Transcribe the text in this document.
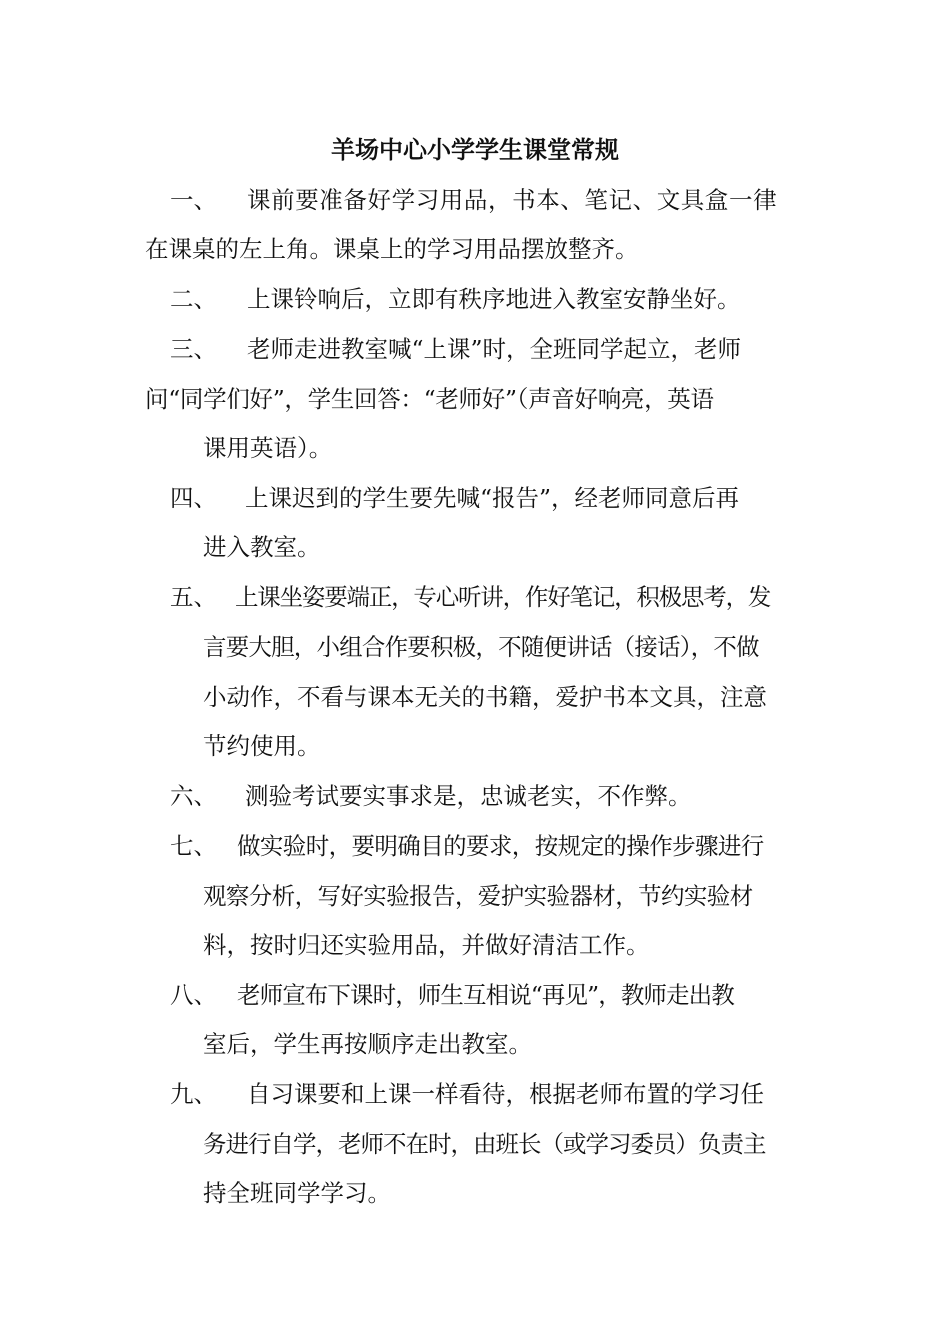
羊场中心小学学生课堂常规
一、 课前要准备好学习用品，书本、笔记、文具盒一律
在课桌的左上角。课桌上的学习用品摆放整齐。
二、 上课铃响后，立即有秩序地进入教室安静坐好。
三、 老师走进教室喊“上课”时，全班同学起立，老师
问“同学们好”，学生回答：“老师好”（声音好响亮，英语
课用英语）。
四、 上课迟到的学生要先喊“报告”，经老师同意后再
进入教室。
五、 上课坐姿要端正，专心听讲，作好笔记，积极思考，发
言要大胆，小组合作要积极，不随便讲话（接话），不做
小动作，不看与课本无关的书籍，爱护书本文具，注意
节约使用。
六、 测验考试要实事求是，忠诚老实，不作弊。
七、 做实验时，要明确目的要求，按规定的操作步骤进行
观察分析，写好实验报告，爱护实验器材，节约实验材
料，按时归还实验用品，并做好清洁工作。
八、 老师宣布下课时，师生互相说“再见”，教师走出教
室后，学生再按顺序走出教室。
九、 自习课要和上课一样看待，根据老师布置的学习任
务进行自学，老师不在时，由班长（或学习委员）负责主
持全班同学学习。
